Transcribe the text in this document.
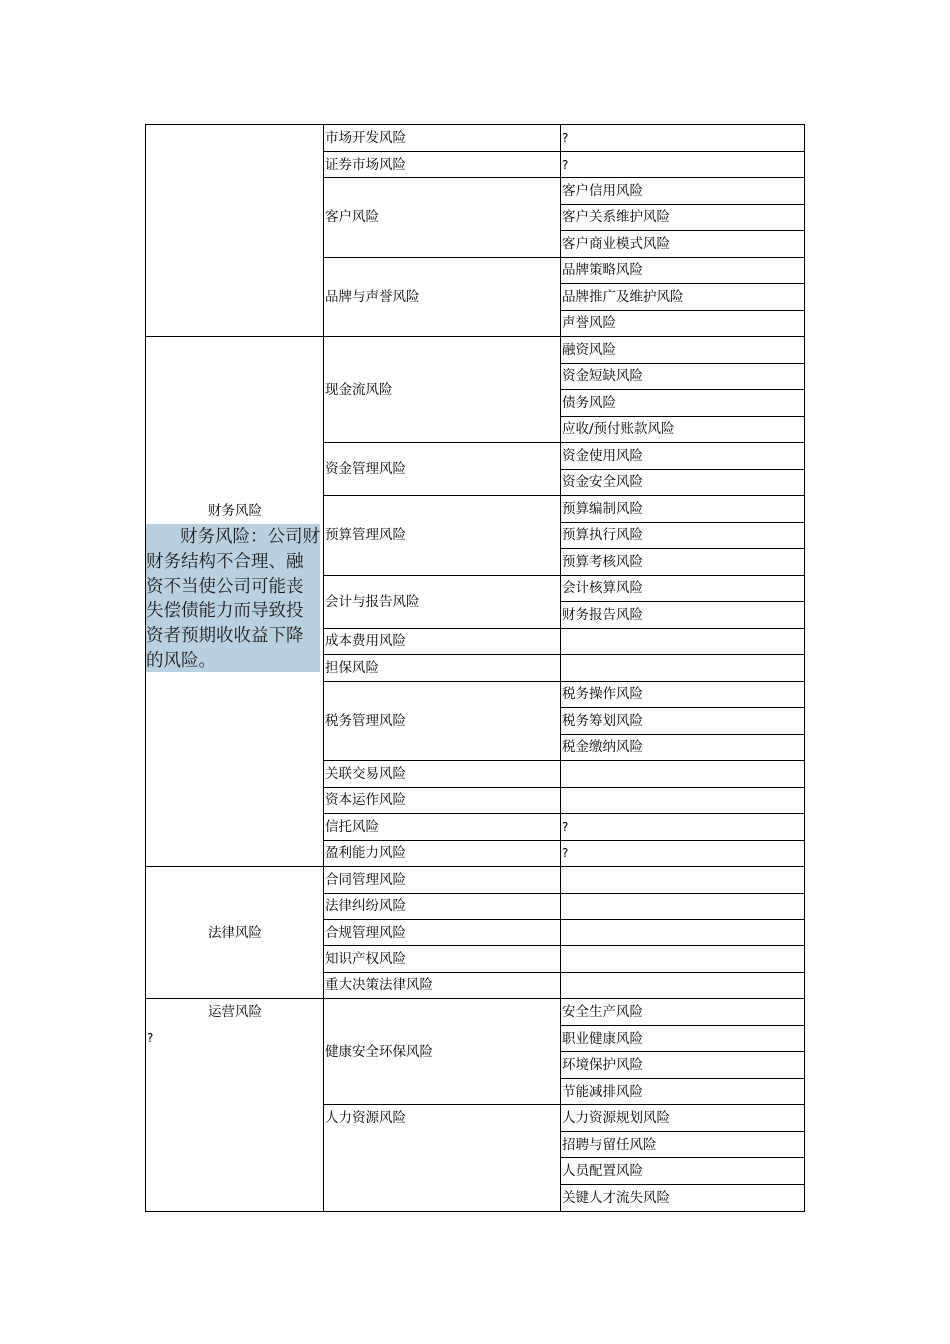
财务风险
财务风险：公司财财务结构不合理、融资不当使公司可能丧失偿债能力而导致投资者预期收收益下降的风险。
法律风险
运营风险
?
市场开发风险
证券市场风险
客户风险
品牌与声誉风险
现金流风险
资金管理风险
预算管理风险
会计与报告风险
成本费用风险
担保风险
税务管理风险
关联交易风险
资本运作风险
信托风险
盈利能力风险
合同管理风险
法律纠纷风险
合规管理风险
知识产权风险
重大决策法律风险
健康安全环保风险
人力资源风险
?
?
客户信用风险
客户关系维护风险
客户商业模式风险
品牌策略风险
品牌推广及维护风险
声誉风险
融资风险
资金短缺风险
债务风险
应收/预付账款风险
资金使用风险
资金安全风险
预算编制风险
预算执行风险
预算考核风险
会计核算风险
财务报告风险
税务操作风险
税务筹划风险
税金缴纳风险
?
?
安全生产风险
职业健康风险
环境保护风险
节能减排风险
人力资源规划风险
招聘与留任风险
人员配置风险
关键人才流失风险
